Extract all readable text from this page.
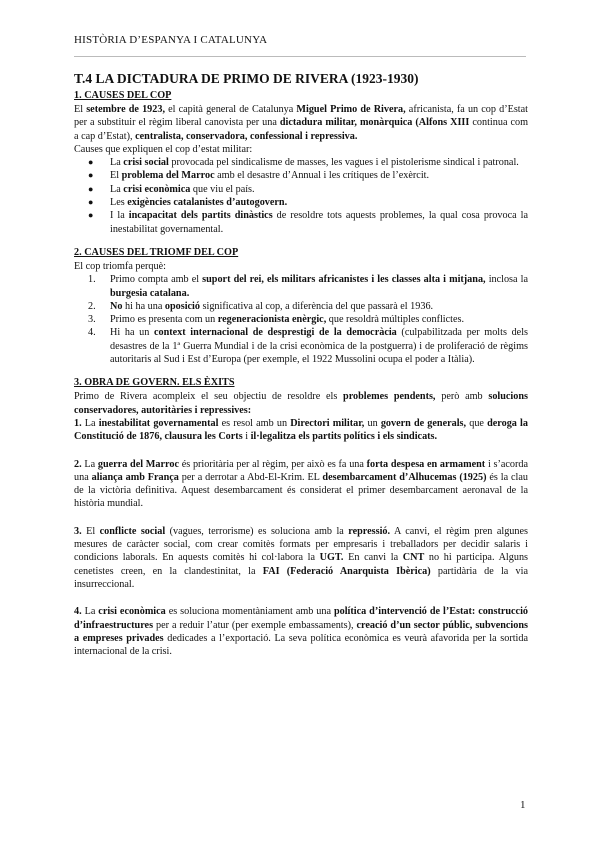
HISTÒRIA D’ESPANYA I CATALUNYA
T.4 LA DICTADURA DE PRIMO DE RIVERA (1923-1930)
1. CAUSES DEL COP

El setembre de 1923, el capità general de Catalunya Miguel Primo de Rivera, africanista, fa un cop d’Estat per a substituir el règim liberal canovista per una dictadura militar, monàrquica (Alfons XIII continua com a cap d’Estat), centralista, conservadora, confessional i repressiva.

Causes que expliquen el cop d’estat militar:

● La crisi social provocada pel sindicalisme de masses, les vagues i el pistolerisme sindical i patronal.
● El problema del Marroc amb el desastre d’Annual i les crítiques de l’exèrcit.
● La crisi econòmica que viu el país.
● Les exigències catalanistes d’autogovern.
● I la incapacitat dels partits dinàstics de resoldre tots aquests problemes, la qual cosa provoca la inestabilitat governamental.
2. CAUSES DEL TRIOMF DEL COP

El cop triomfa perquè:

1. Primo compta amb el suport del rei, els militars africanistes i les classes alta i mitjana, inclosa la burgesia catalana.
2. No hi ha una oposició significativa al cop, a diferència del que passarà el 1936.
3. Primo es presenta com un regeneracionista enèrgic, que resoldrà múltiples conflictes.
4. Hi ha un context internacional de desprestigi de la democràcia (culpabilitzada per molts dels desastres de la 1ª Guerra Mundial i de la crisi econòmica de la postguerra) i de proliferació de règims autoritaris al Sud i Est d’Europa (per exemple, el 1922 Mussolini ocupa el poder a Itàlia).
3. OBRA DE GOVERN. ELS ÈXITS

Primo de Rivera acompleix el seu objectiu de resoldre els problemes pendents, però amb solucions conservadores, autoritàries i repressives:

1. La inestabilitat governamental es resol amb un Directori militar, un govern de generals, que deroga la Constitució de 1876, clausura les Corts i il·legalitza els partits polítics i els sindicats.

2. La guerra del Marroc és prioritària per al règim, per això es fa una forta despesa en armament i s’acorda una aliança amb França per a derrotar a Abd-El-Krim. EL desembarcament d’Alhucemas (1925) és la clau de la victòria definitiva. Aquest desembarcament és considerat el primer desembarcament aeronaval de la història mundial.

3. El conflicte social (vagues, terrorisme) es soluciona amb la repressió. A canvi, el règim pren algunes mesures de caràcter social, com crear comitès formats per empresaris i treballadors per decidir salaris i condicions laborals. En aquests comitès hi col·labora la UGT. En canvi la CNT no hi participa. Alguns cenetistes creen, en la clandestinitat, la FAI (Federació Anarquista Ibèrica) partidària de la via insurreccional.

4. La crisi econòmica es soluciona momentàniament amb una política d’intervenció de l’Estat: construcció d’infraestructures per a reduir l’atur (per exemple embassaments), creació d’un sector públic, subvencions a empreses privades dedicades a l’exportació. La seva política econòmica es veurà afavorida per la sortida internacional de la crisi.

1
